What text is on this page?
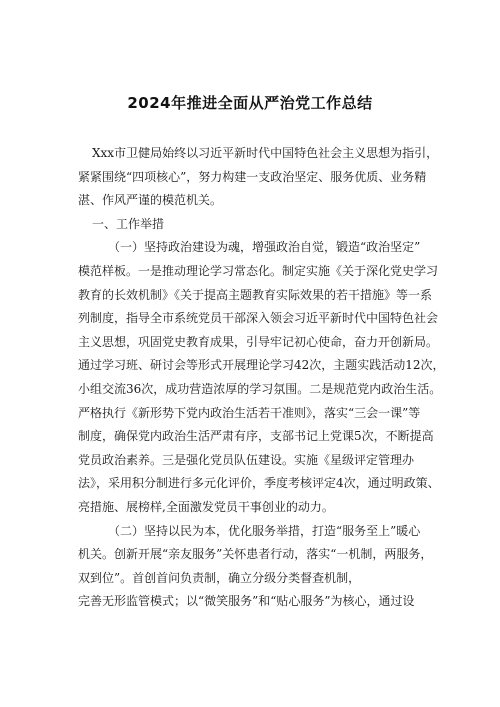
2024年推进全面从严治党工作总结
Xxx市卫健局始终以习近平新时代中国特色社会主义思想为指引，
紧紧围绕“四项核心”，努力构建一支政治坚定、服务优质、业务精
湛、作风严谨的模范机关。
一、工作举措
（一）坚持政治建设为魂，增强政治自觉，锻造“政治坚定”
模范样板。一是推动理论学习常态化。制定实施《关于深化党史学习
教育的长效机制》《关于提高主题教育实际效果的若干措施》等一系
列制度，指导全市系统党员干部深入领会习近平新时代中国特色社会
主义思想，巩固党史教育成果，引导牢记初心使命，奋力开创新局。
通过学习班、研讨会等形式开展理论学习42次，主题实践活动12次，
小组交流36次，成功营造浓厚的学习氛围。二是规范党内政治生活。
严格执行《新形势下党内政治生活若干准则》，落实“三会一课”等
制度，确保党内政治生活严肃有序，支部书记上党课5次，不断提高
党员政治素养。三是强化党员队伍建设。实施《星级评定管理办
法》，采用积分制进行多元化评价，季度考核评定4次，通过明政策、
亮措施、展榜样,全面激发党员干事创业的动力。
（二）坚持以民为本，优化服务举措，打造“服务至上”暖心
机关。创新开展“亲友服务”关怀患者行动，落实“一机制，两服务，
双到位”。首创首问负责制，确立分级分类督查机制，
完善无形监管模式；以“微笑服务”和“贴心服务”为核心，通过设
